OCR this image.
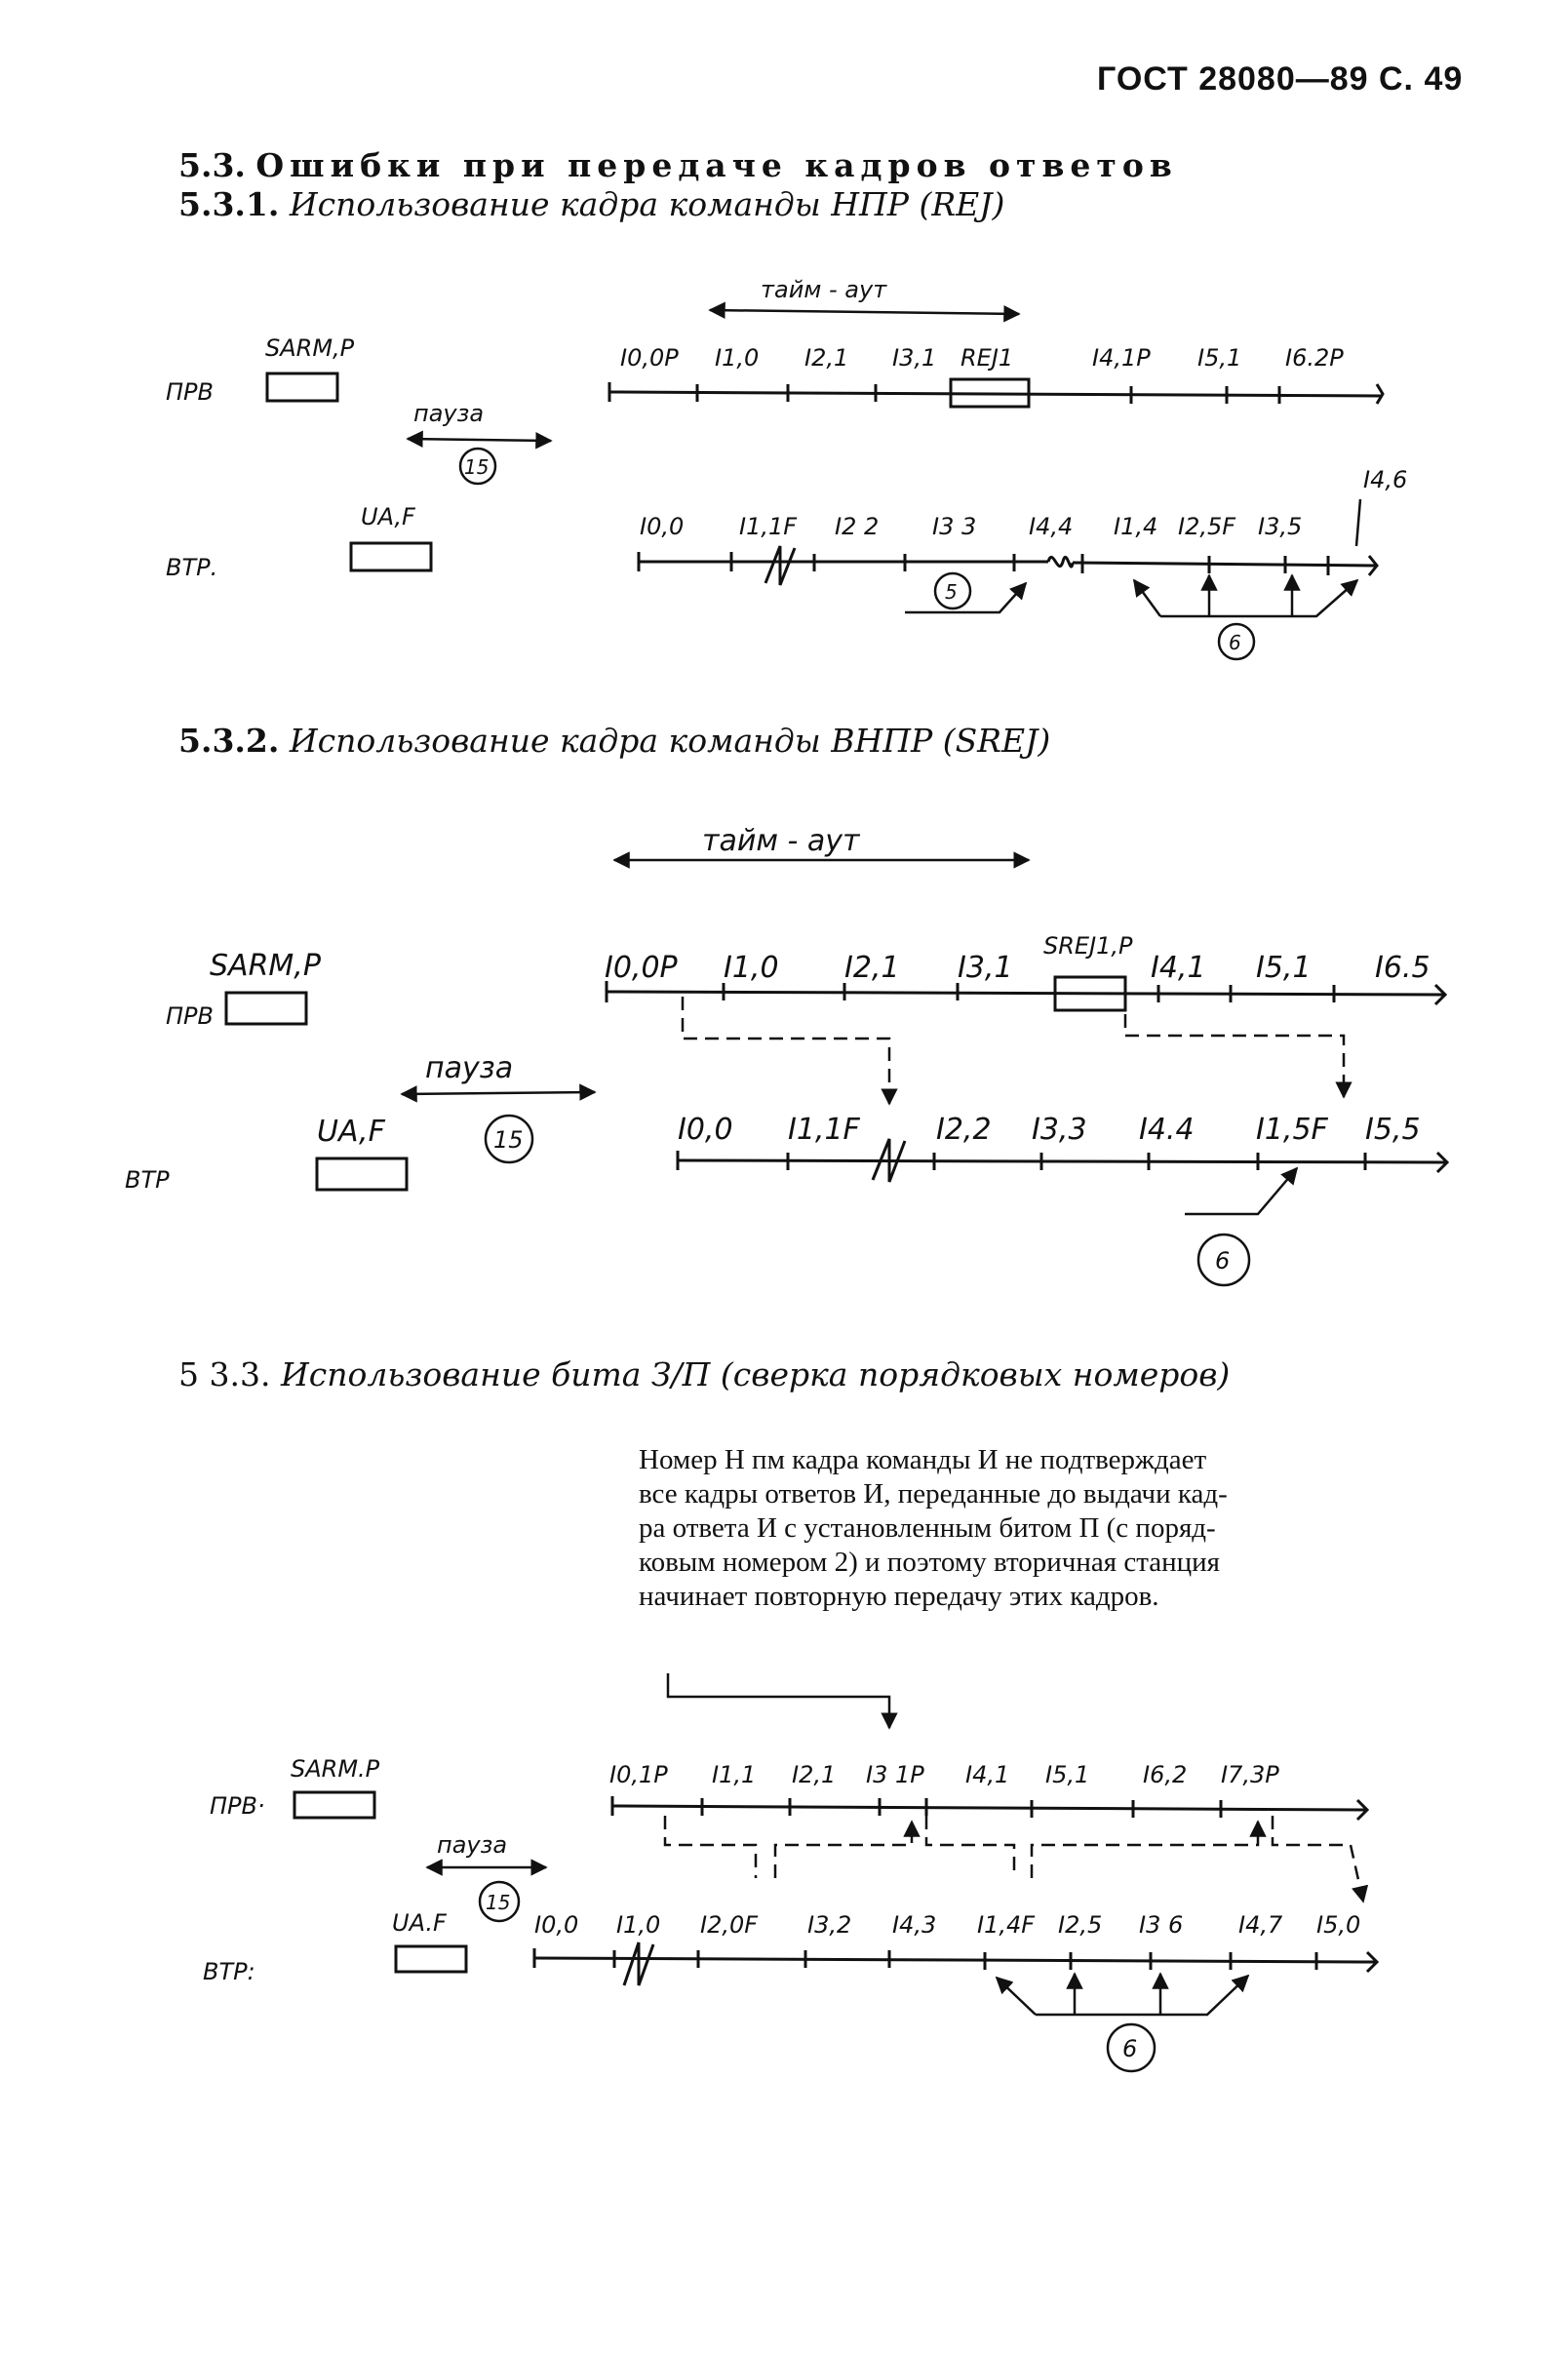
ГОСТ 28080—89 С. 49
5.3. Ошибки при передаче кадров ответов
5.3.1. Использование кадра команды НПР (REJ)
5.3.2. Использование кадра команды ВНПР (SREJ)
5 3.3. Использование бита З/П (сверка порядковых номеров)
Номер Н пм кадра команды И не подтверждает
все кадры ответов И, переданные до выдачи кад-
ра ответа И с установленным битом П (с поряд-
ковым номером 2) и поэтому вторичная станция
начинает повторную передачу этих кадров.
тайм - аут
ПРВ
SARM,P
пауза
15
I0,0P I1,0 I2,1 I3,1 REJ1	I4,1P I5,1 I6.2P
I4,6
UA,F
ВТР.
I0,0 I1,1F I2 2 I3 3 I4,4 I1,4 I2,5F I3,5
5
6
тайм - аут
SARM,P
ПРВ
I0,0P I1,0 I2,1 I3,1
SREJ1,P
I4,1 I5,1 I6.5
пауза
15
UA,F
ВТР
I0,0 I1,1F	I2,2 I3,3 I4.4 I1,5F I5,5
6
SARM.P
ПРВ·
I0,1P I1,1 I2,1 I3 1P I4,1 I5,1 I6,2 I7,3P
пауза
15
UA.F
ВТР:
I0,0 I1,0 I2,0F I3,2 I4,3 I1,4F I2,5 I3 6 I4,7 I5,0
6
